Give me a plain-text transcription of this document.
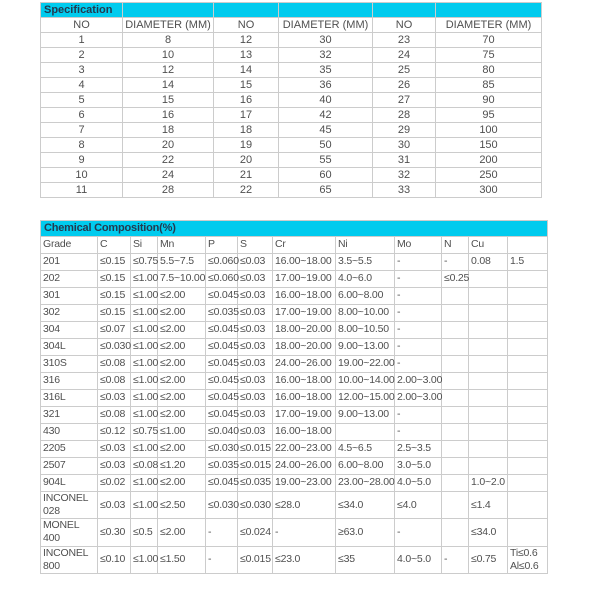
Specification					
NO	DIAMETER (MM)	NO	DIAMETER (MM)	NO	DIAMETER (MM)
1	8	12	30	23	70
2	10	13	32	24	75
3	12	14	35	25	80
4	14	15	36	26	85
5	15	16	40	27	90
6	16	17	42	28	95
7	18	18	45	29	100
8	20	19	50	30	150
9	22	20	55	31	200
10	24	21	60	32	250
11	28	22	65	33	300
Chemical Composition(%)											
Grade	C	Si	Mn	P	S	Cr	Ni	Mo	N	Cu	
201	≤0.15	≤0.75	5.5~7.5	≤0.060	≤0.03	16.00~18.00	3.5~5.5	-	-	0.08	1.5
202	≤0.15	≤1.00	7.5~10.00	≤0.060	≤0.03	17.00~19.00	4.0~6.0	-	≤0.25		
301	≤0.15	≤1.00	≤2.00	≤0.045	≤0.03	16.00~18.00	6.00~8.00	-			
302	≤0.15	≤1.00	≤2.00	≤0.035	≤0.03	17.00~19.00	8.00~10.00	-			
304	≤0.07	≤1.00	≤2.00	≤0.045	≤0.03	18.00~20.00	8.00~10.50	-			
304L	≤0.030	≤1.00	≤2.00	≤0.045	≤0.03	18.00~20.00	9.00~13.00	-			
310S	≤0.08	≤1.00	≤2.00	≤0.045	≤0.03	24.00~26.00	19.00~22.00	-			
316	≤0.08	≤1.00	≤2.00	≤0.045	≤0.03	16.00~18.00	10.00~14.00	2.00~3.00			
316L	≤0.03	≤1.00	≤2.00	≤0.045	≤0.03	16.00~18.00	12.00~15.00	2.00~3.00			
321	≤0.08	≤1.00	≤2.00	≤0.045	≤0.03	17.00~19.00	9.00~13.00	-			
430	≤0.12	≤0.75	≤1.00	≤0.040	≤0.03	16.00~18.00		-			
2205	≤0.03	≤1.00	≤2.00	≤0.030	≤0.015	22.00~23.00	4.5~6.5	2.5~3.5			
2507	≤0.03	≤0.08	≤1.20	≤0.035	≤0.015	24.00~26.00	6.00~8.00	3.0~5.0			
904L	≤0.02	≤1.00	≤2.00	≤0.045	≤0.035	19.00~23.00	23.00~28.00	4.0~5.0		1.0~2.0	
INCONEL 028	≤0.03	≤1.00	≤2.50	≤0.030	≤0.030	≤28.0	≤34.0	≤4.0		≤1.4	
MONEL 400	≤0.30	≤0.5	≤2.00	-	≤0.024	-	≥63.0	-		≤34.0	
INCONEL 800	≤0.10	≤1.00	≤1.50	-	≤0.015	≤23.0	≤35	4.0~5.0	-	≤0.75	Ti≤0.6 Al≤0.6
